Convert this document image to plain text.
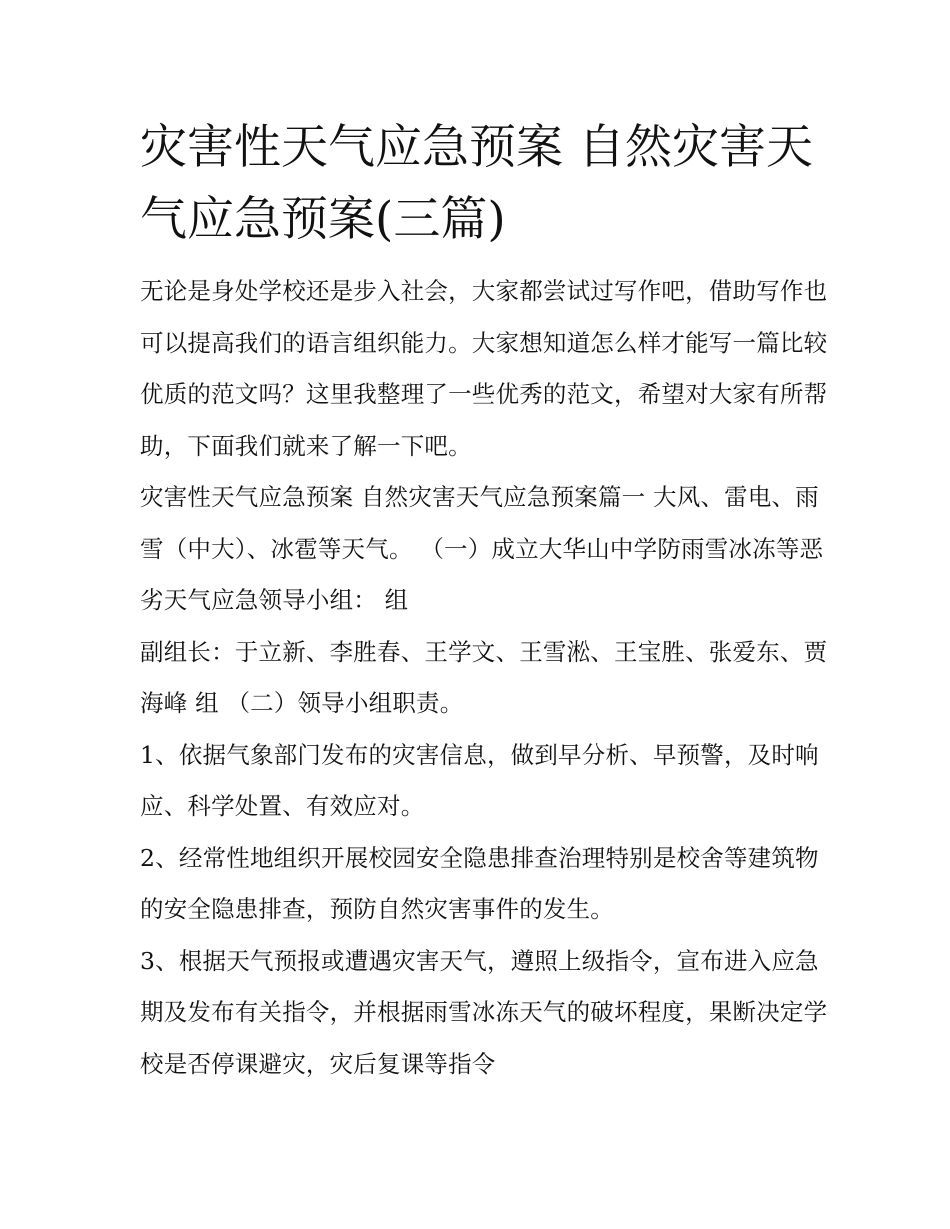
灾害性天气应急预案 自然灾害天气应急预案(三篇)

无论是身处学校还是步入社会，大家都尝试过写作吧，借助写作也可以提高我们的语言组织能力。大家想知道怎么样才能写一篇比较优质的范文吗？这里我整理了一些优秀的范文，希望对大家有所帮助，下面我们就来了解一下吧。

灾害性天气应急预案 自然灾害天气应急预案篇一 大风、雷电、雨雪（中大）、冰雹等天气。 （一）成立大华山中学防雨雪冰冻等恶劣天气应急领导小组： 组

副组长：于立新、李胜春、王学文、王雪淞、王宝胜、张爱东、贾海峰 组 （二）领导小组职责。

1、依据气象部门发布的灾害信息，做到早分析、早预警，及时响应、科学处置、有效应对。

2、经常性地组织开展校园安全隐患排查治理特别是校舍等建筑物的安全隐患排查，预防自然灾害事件的发生。

3、根据天气预报或遭遇灾害天气，遵照上级指令，宣布进入应急期及发布有关指令，并根据雨雪冰冻天气的破坏程度，果断决定学校是否停课避灾，灾后复课等指令
